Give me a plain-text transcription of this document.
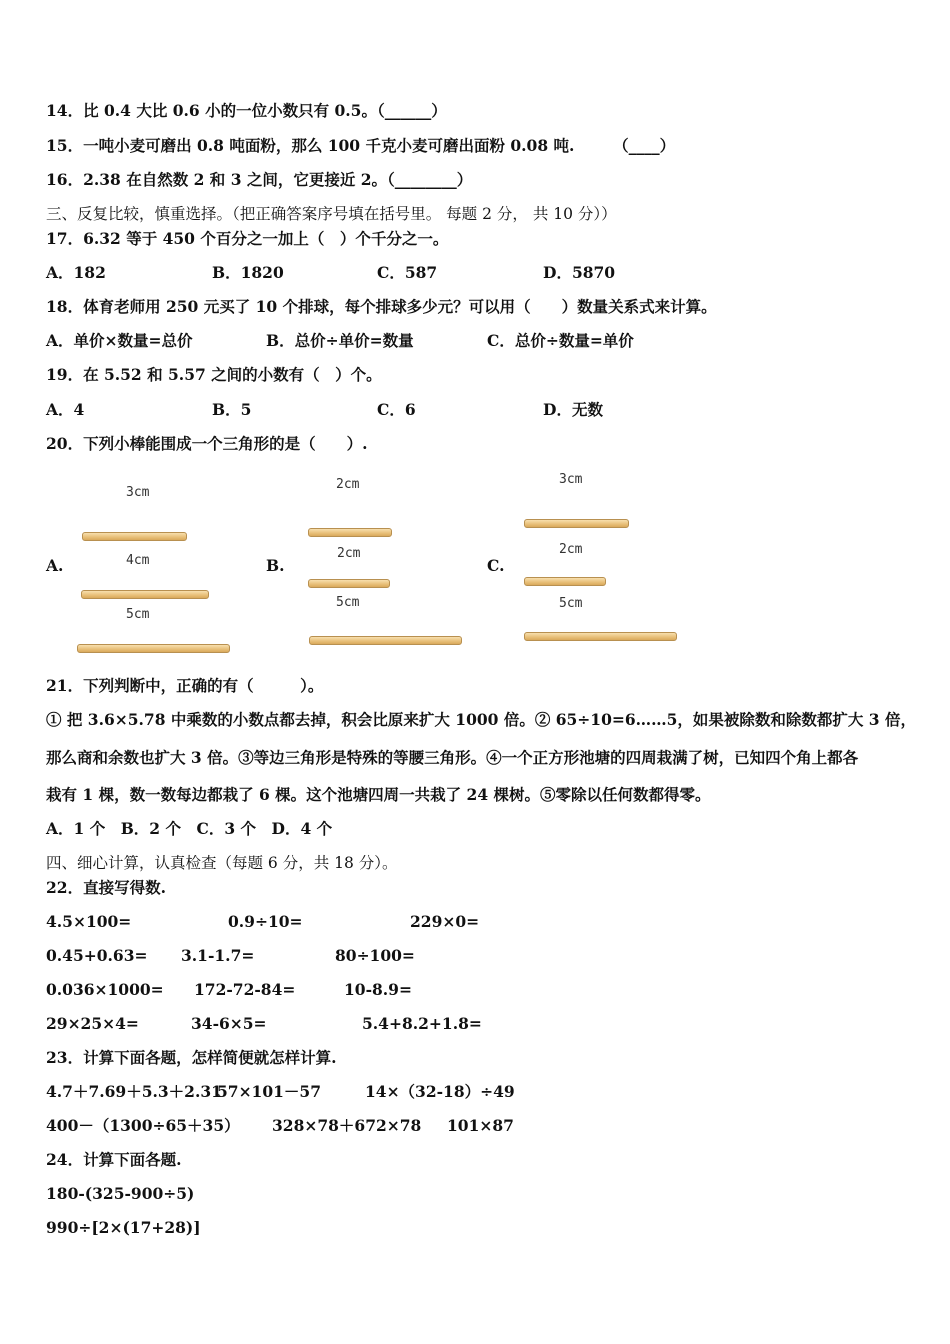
14．比 0.4 大比 0.6 小的一位小数只有 0.5。（______）
15．一吨小麦可磨出 0.8 吨面粉，那么 100 千克小麦可磨出面粉 0.08 吨.　　　（____）
16．2.38 在自然数 2 和 3 之间，它更接近 2。（________）
三、反复比较，慎重选择。（把正确答案序号填在括号里。 每题 2 分， 共 10 分））
17．6.32 等于 450 个百分之一加上（　）个千分之一。
A．182	B．1820	C．587	D．5870
18．体育老师用 250 元买了 10 个排球，每个排球多少元？可以用（　　）数量关系式来计算。
A．单价×数量=总价	B．总价÷单价=数量	C．总价÷数量=单价
19．在 5.52 和 5.57 之间的小数有（　）个。
A．4	B．5	C．6	D．无数
20．下列小棒能围成一个三角形的是（　　）.
A.
3cm
4cm
5cm
B.
2cm
2cm
5cm
C.
3cm
2cm
5cm
21．下列判断中，正确的有（　　　）。
① 把 3.6×5.78 中乘数的小数点都去掉，积会比原来扩大 1000 倍。② 65÷10=6……5，如果被除数和除数都扩大 3 倍，
那么商和余数也扩大 3 倍。③等边三角形是特殊的等腰三角形。④一个正方形池塘的四周栽满了树，已知四个角上都各
栽有 1 棵，数一数每边都栽了 6 棵。这个池塘四周一共栽了 24 棵树。⑤零除以任何数都得零。
A．1 个　B．2 个　C．3 个　D．4 个
四、细心计算，认真检查（每题 6 分，共 18 分）。
22．直接写得数.
4.5×100=	0.9÷10=	229×0=
0.45+0.63= 3.1-1.7=	80÷100=
0.036×1000= 172-72-84=	10-8.9=
29×25×4=	34-6×5=	5.4+8.2+1.8=
23．计算下面各题，怎样简便就怎样计算.
4.7＋7.69＋5.3＋2.31
57×101－57	14×（32-18）÷49
400－（1300÷65＋35） 328×78＋672×78 101×87
24．计算下面各题.
180-(325-900÷5)
990÷[2×(17+28)]
